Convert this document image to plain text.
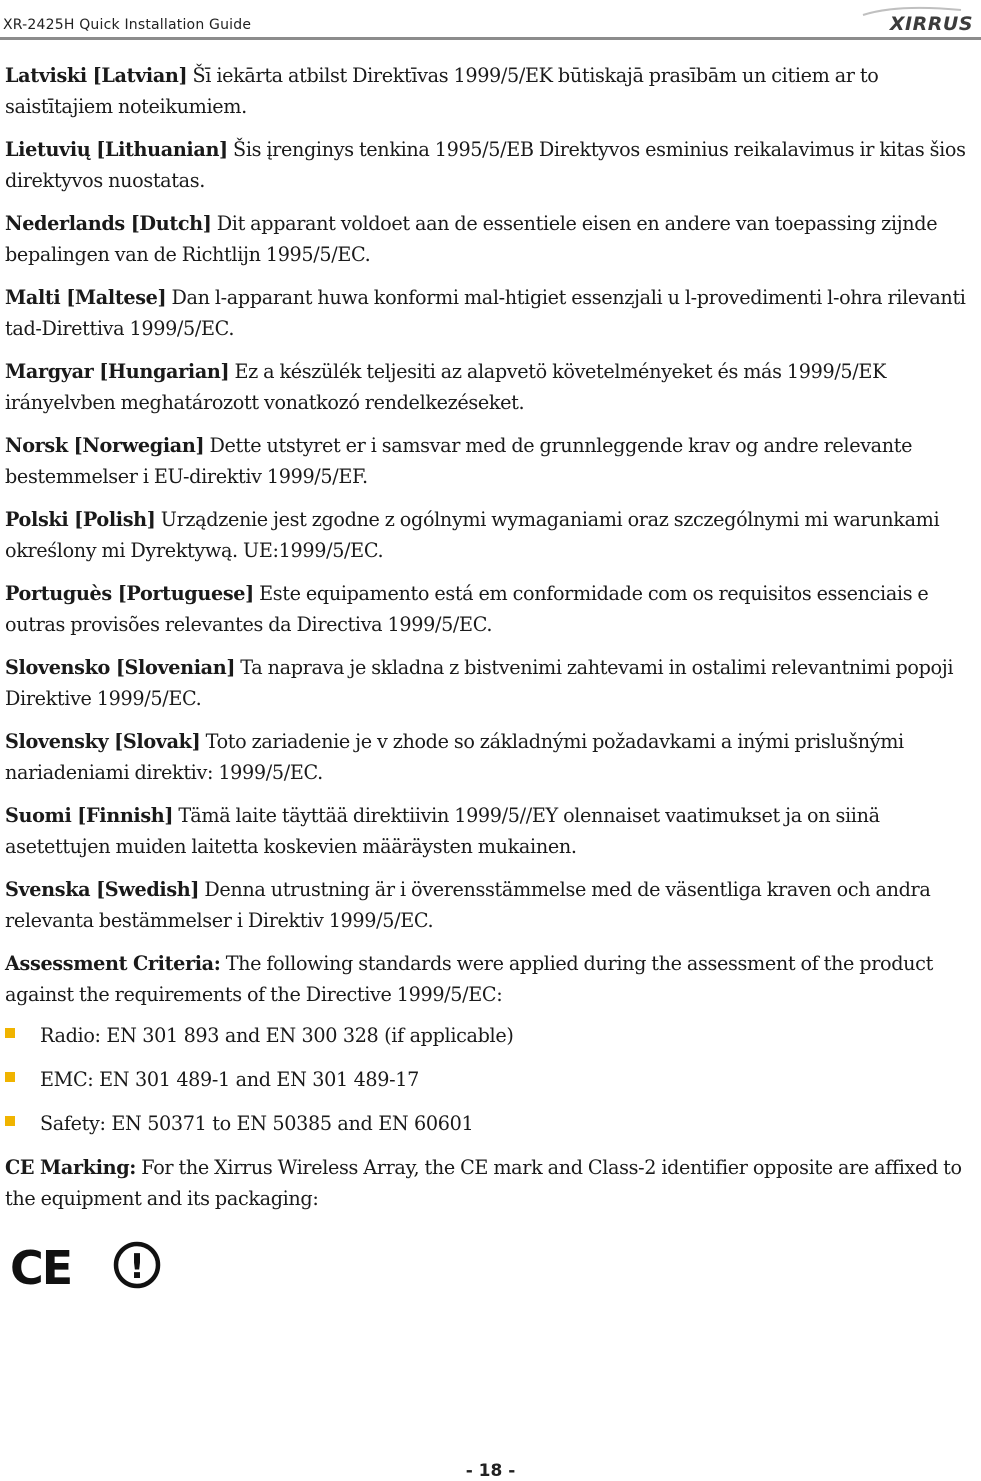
XR-2425H Quick Installation Guide	XIRRUS

Latviski [Latvian] Šī iekārta atbilst Direktīvas 1999/5/EK būtiskajā prasībām un citiem ar to saistītajiem noteikumiem.

Lietuvių [Lithuanian] Šis įrenginys tenkina 1995/5/EB Direktyvos esminius reikalavimus ir kitas šios direktyvos nuostatas.

Nederlands [Dutch] Dit apparant voldoet aan de essentiele eisen en andere van toepassing zijnde bepalingen van de Richtlijn 1995/5/EC.

Malti [Maltese] Dan l-apparant huwa konformi mal-htigiet essenzjali u l-provedimenti l-ohra rilevanti tad-Direttiva 1999/5/EC.

Margyar [Hungarian] Ez a készülék teljesiti az alapvetö követelményeket és más 1999/5/EK irányelvben meghatározott vonatkozó rendelkezéseket.

Norsk [Norwegian] Dette utstyret er i samsvar med de grunnleggende krav og andre relevante bestemmelser i EU-direktiv 1999/5/EF.

Polski [Polish] Urządzenie jest zgodne z ogólnymi wymaganiami oraz szczególnymi mi warunkami określony mi Dyrektywą. UE:1999/5/EC.

Portuguès [Portuguese] Este equipamento está em conformidade com os requisitos essenciais e outras provisões relevantes da Directiva 1999/5/EC.

Slovensko [Slovenian] Ta naprava je skladna z bistvenimi zahtevami in ostalimi relevantnimi popoji Direktive 1999/5/EC.

Slovensky [Slovak] Toto zariadenie je v zhode so základnými požadavkami a inými prislušnými nariadeniami direktiv: 1999/5/EC.

Suomi [Finnish] Tämä laite täyttää direktiivin 1999/5//EY olennaiset vaatimukset ja on siinä asetettujen muiden laitetta koskevien määräysten mukainen.

Svenska [Swedish] Denna utrustning är i överensstämmelse med de väsentliga kraven och andra relevanta bestämmelser i Direktiv 1999/5/EC.

Assessment Criteria: The following standards were applied during the assessment of the product against the requirements of the Directive 1999/5/EC:

Radio: EN 301 893 and EN 300 328 (if applicable)
EMC: EN 301 489-1 and EN 301 489-17
Safety: EN 50371 to EN 50385 and EN 60601

CE Marking: For the Xirrus Wireless Array, the CE mark and Class-2 identifier opposite are affixed to the equipment and its packaging:

CE !
- 18 -
